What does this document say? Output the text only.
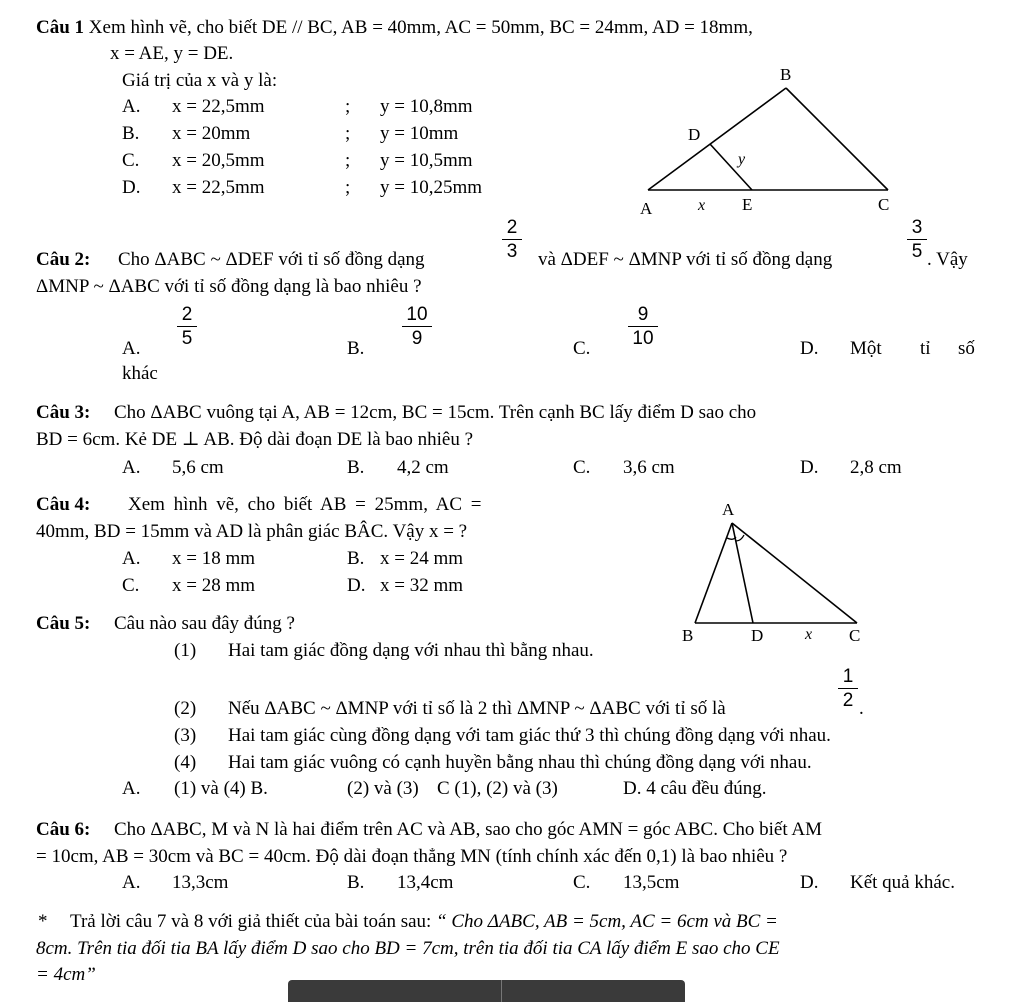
Câu 1 Xem hình vẽ, cho biết DE // BC, AB = 40mm, AC = 50mm, BC = 24mm, AD = 18mm,
x = AE, y = DE.
Giá trị của x và y là:
A. x = 22,5mm	; y = 10,8mm
B. x = 20mm	; y = 10mm
C. x = 20,5mm	; y = 10,5mm
D. x = 22,5mm	; y = 10,25mm
B
D
y
A	x E	C
Câu 2: Cho ΔABC ~ ΔDEF với tỉ số đồng dạng
2
3 và ΔDEF ~ ΔMNP với tỉ số đồng dạng
3
5 . Vậy
ΔMNP ~ ΔABC với tỉ số đồng dạng là bao nhiêu ?
A.
2
5	B.
10
9	C.
9
10	D. Một tỉ số
khác
Câu 3: Cho ΔABC vuông tại A, AB = 12cm, BC = 15cm. Trên cạnh BC lấy điểm D sao cho
BD = 6cm. Kẻ DE ⊥ AB. Độ dài đoạn DE là bao nhiêu ?
A. 5,6 cm	B. 4,2 cm	C. 3,6 cm	D. 2,8 cm
Câu 4: Xem hình vẽ, cho biết AB = 25mm, AC =
40mm, BD = 15mm và AD là phân giác BÂC. Vậy x = ?
A. x = 18 mm	B. x = 24 mm
C. x = 28 mm	D. x = 32 mm
A
B	D	x C
Câu 5: Câu nào sau đây đúng ?
(1) Hai tam giác đồng dạng với nhau thì bằng nhau.
(2) Nếu ΔABC ~ ΔMNP với tỉ số là 2 thì ΔMNP ~ ΔABC với tỉ số là
1
2 .
(3) Hai tam giác cùng đồng dạng với tam giác thứ 3 thì chúng đồng dạng với nhau.
(4) Hai tam giác vuông có cạnh huyền bằng nhau thì chúng đồng dạng với nhau.
A. (1) và (4) B.	(2) và (3) C (1), (2) và (3)	D. 4 câu đều đúng.
Câu 6: Cho ΔABC, M và N là hai điểm trên AC và AB, sao cho góc AMN = góc ABC. Cho biết AM
= 10cm, AB = 30cm và BC = 40cm. Độ dài đoạn thẳng MN (tính chính xác đến 0,1) là bao nhiêu ?
A. 13,3cm	B. 13,4cm	C. 13,5cm	D. Kết quả khác.
* Trả lời câu 7 và 8 với giả thiết của bài toán sau: “ Cho ΔABC, AB = 5cm, AC = 6cm và BC =
8cm. Trên tia đối tia BA lấy điểm D sao cho BD = 7cm, trên tia đối tia CA lấy điểm E sao cho CE
= 4cm”
